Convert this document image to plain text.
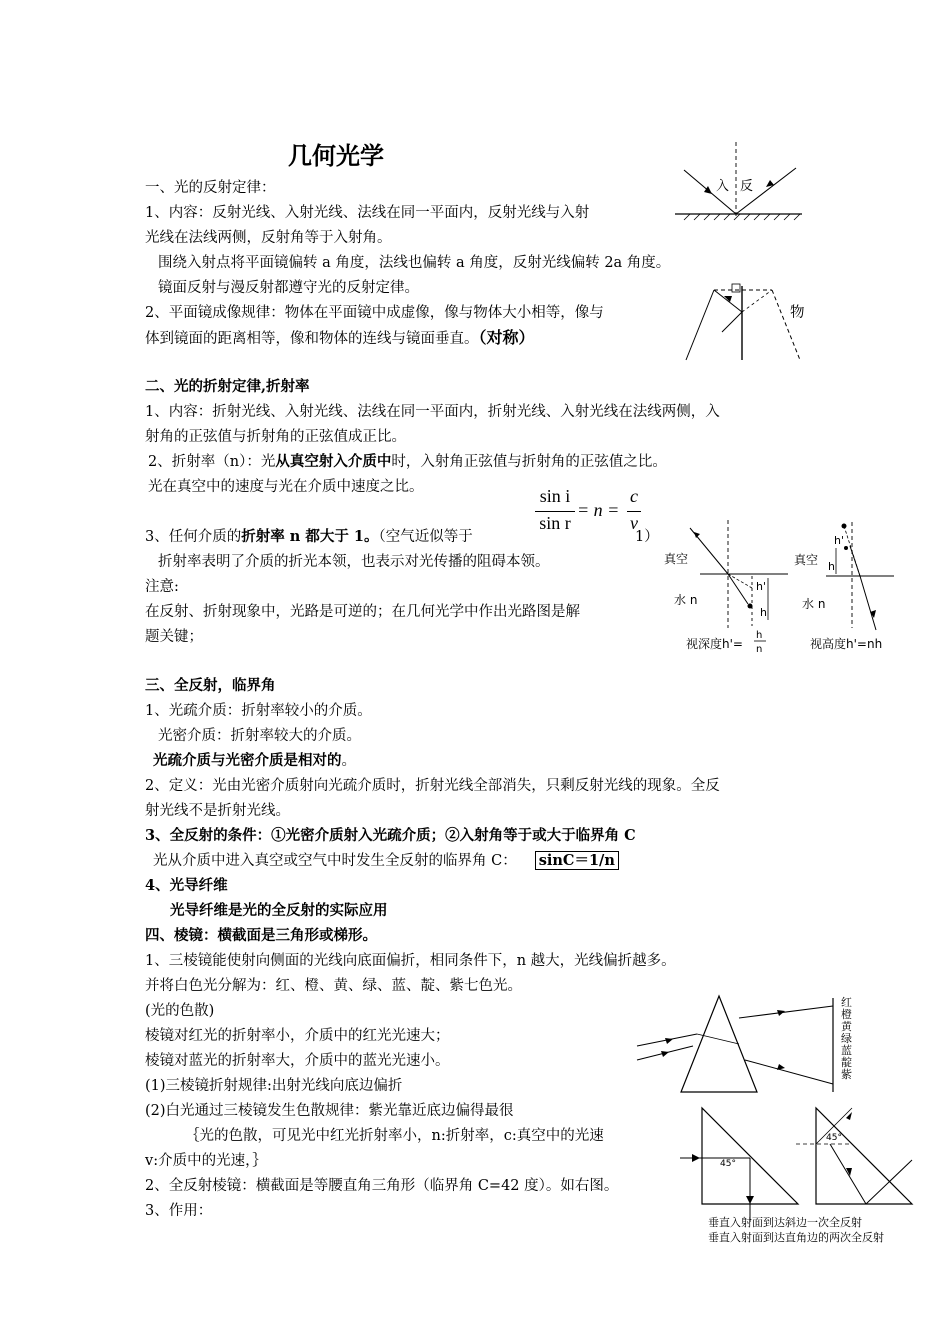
几何光学
一、光的反射定律：
1、内容：反射光线、入射光线、法线在同一平面内，反射光线与入射
光线在法线两侧，反射角等于入射角。
围绕入射点将平面镜偏转 a 角度，法线也偏转 a 角度，反射光线偏转 2a 角度。
镜面反射与漫反射都遵守光的反射定律。
2、平面镜成像规律：物体在平面镜中成虚像，像与物体大小相等，像与	物
体到镜面的距离相等，像和物体的连线与镜面垂直。（对称）
入 反
二、光的折射定律,折射率
1、内容：折射光线、入射光线、法线在同一平面内，折射光线、入射光线在法线两侧，入
射角的正弦值与折射角的正弦值成正比。
2、折射率（n）：光从真空射入介质中时，入射角正弦值与折射角的正弦值之比。
光在真空中的速度与光在介质中速度之比。	sin i
sin r
= n =
c
v
3、任何介质的折射率 n 都大于 1。（空气近似等于	1）
折射率表明了介质的折光本领，也表示对光传播的阻碍本领。
注意:
在反射、折射现象中，光路是可逆的；在几何光学中作出光路图是解
题关键；
真空
水 n
h'
h
视深度h'=
h
n
真空
水 n
h'
h
视高度h'=nh
三、全反射，临界角
1、光疏介质：折射率较小的介质。
光密介质：折射率较大的介质。
光疏介质与光密介质是相对的。
2、定义：光由光密介质射向光疏介质时，折射光线全部消失，只剩反射光线的现象。全反
射光线不是折射光线。
3、全反射的条件：①光密介质射入光疏介质；②入射角等于或大于临界角 C
光从介质中进入真空或空气中时发生全反射的临界角 C： sinC＝1/n
4、光导纤维
光导纤维是光的全反射的实际应用
四、棱镜：横截面是三角形或梯形。
1、三棱镜能使射向侧面的光线向底面偏折，相同条件下，n 越大，光线偏折越多。
并将白色光分解为：红、橙、黄、绿、蓝、靛、紫七色光。
(光的色散)
棱镜对红光的折射率小，介质中的红光光速大；
棱镜对蓝光的折射率大，介质中的蓝光光速小。
(1)三棱镜折射规律:出射光线向底边偏折
(2)白光通过三棱镜发生色散规律：紫光靠近底边偏得最很
｛光的色散，可见光中红光折射率小，n:折射率，c:真空中的光速
v:介质中的光速，｝
2、全反射棱镜：横截面是等腰直角三角形（临界角 C=42 度）。如右图。
3、作用：
红
橙
黄
绿
蓝
靛
紫
45°
45°
垂直入射面到达斜边一次全反射
垂直入射面到达直角边的两次全反射
